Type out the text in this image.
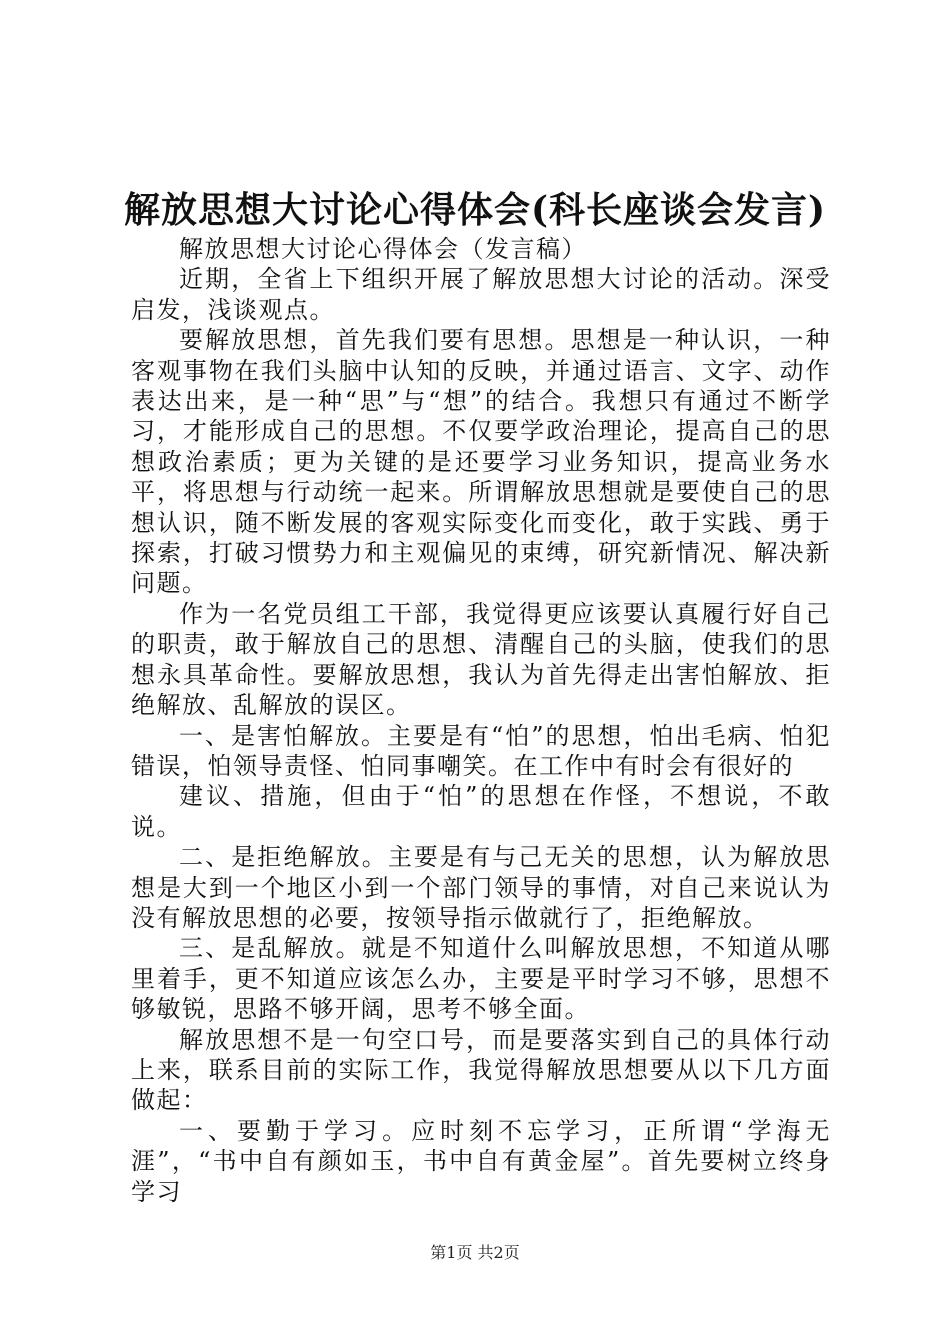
解放思想大讨论心得体会(科长座谈会发言)

解放思想大讨论心得体会（发言稿）

近期，全省上下组织开展了解放思想大讨论的活动。深受启发，浅谈观点。

要解放思想，首先我们要有思想。思想是一种认识，一种客观事物在我们头脑中认知的反映，并通过语言、文字、动作表达出来，是一种“思”与“想”的结合。我想只有通过不断学习，才能形成自己的思想。不仅要学政治理论，提高自己的思想政治素质；更为关键的是还要学习业务知识，提高业务水平，将思想与行动统一起来。所谓解放思想就是要使自己的思想认识，随不断发展的客观实际变化而变化，敢于实践、勇于探索，打破习惯势力和主观偏见的束缚，研究新情况、解决新问题。

作为一名党员组工干部，我觉得更应该要认真履行好自己的职责，敢于解放自己的思想、清醒自己的头脑，使我们的思想永具革命性。要解放思想，我认为首先得走出害怕解放、拒绝解放、乱解放的误区。

一、是害怕解放。主要是有“怕”的思想，怕出毛病、怕犯错误，怕领导责怪、怕同事嘲笑。在工作中有时会有很好的

建议、措施，但由于“怕”的思想在作怪，不想说，不敢说。

二、是拒绝解放。主要是有与己无关的思想，认为解放思想是大到一个地区小到一个部门领导的事情，对自己来说认为没有解放思想的必要，按领导指示做就行了，拒绝解放。

三、是乱解放。就是不知道什么叫解放思想，不知道从哪里着手，更不知道应该怎么办，主要是平时学习不够，思想不够敏锐，思路不够开阔，思考不够全面。

解放思想不是一句空口号，而是要落实到自己的具体行动上来，联系目前的实际工作，我觉得解放思想要从以下几方面做起：

一、要勤于学习。应时刻不忘学习，正所谓“学海无涯”，“书中自有颜如玉，书中自有黄金屋”。首先要树立终身学习

第1页 共2页
